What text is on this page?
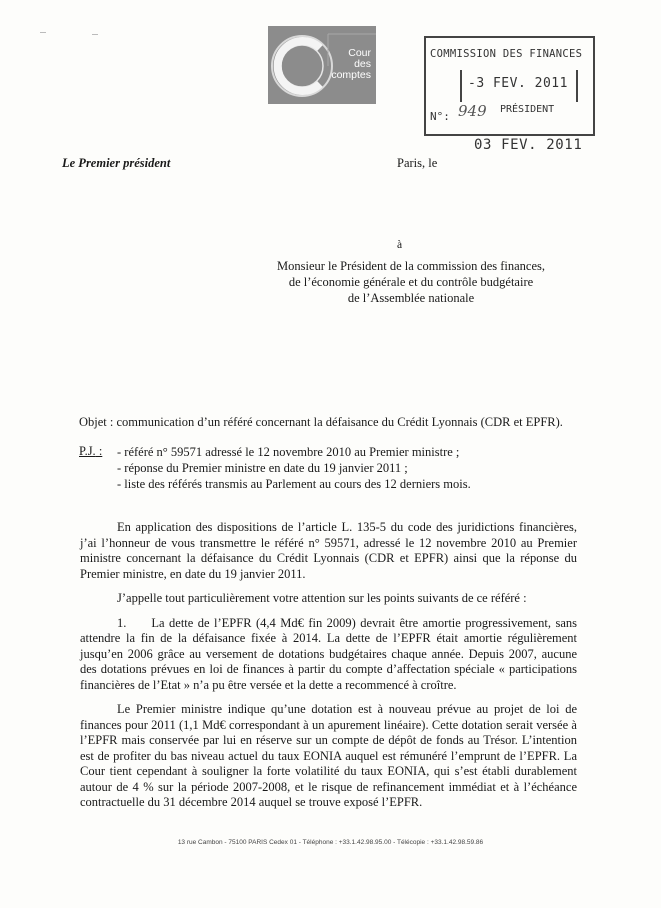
Cour
des
comptes
COMMISSION DES FINANCES
-3 FEV. 2011
N°: 949 PRÉSIDENT
03 FEV. 2011
Le Premier président	Paris, le
à
Monsieur le Président de la commission des finances,
de l’économie générale et du contrôle budgétaire
de l’Assemblée nationale
Objet : communication d’un référé concernant la défaisance du Crédit Lyonnais (CDR et EPFR).
P.J. : - référé n° 59571 adressé le 12 novembre 2010 au Premier ministre ;
- réponse du Premier ministre en date du 19 janvier 2011 ;
- liste des référés transmis au Parlement au cours des 12 derniers mois.

En application des dispositions de l’article L. 135-5 du code des juridictions financières, j’ai l’honneur de vous transmettre le référé n° 59571, adressé le 12 novembre 2010 au Premier ministre concernant la défaisance du Crédit Lyonnais (CDR et EPFR) ainsi que la réponse du Premier ministre, en date du 19 janvier 2011.

J’appelle tout particulièrement votre attention sur les points suivants de ce référé :

1.  La dette de l’EPFR (4,4 Md€ fin 2009) devrait être amortie progressivement, sans attendre la fin de la défaisance fixée à 2014. La dette de l’EPFR était amortie régulièrement jusqu’en 2006 grâce au versement de dotations budgétaires chaque année. Depuis 2007, aucune des dotations prévues en loi de finances à partir du compte d’affectation spéciale « participations financières de l’Etat » n’a pu être versée et la dette a recommencé à croître.

Le Premier ministre indique qu’une dotation est à nouveau prévue au projet de loi de finances pour 2011 (1,1 Md€ correspondant à un apurement linéaire). Cette dotation serait versée à l’EPFR mais conservée par lui en réserve sur un compte de dépôt de fonds au Trésor. L’intention est de profiter du bas niveau actuel du taux EONIA auquel est rémunéré l’emprunt de l’EPFR. La Cour tient cependant à souligner la forte volatilité du taux EONIA, qui s’est établi durablement autour de 4 % sur la période 2007-2008, et le risque de refinancement immédiat et à l’échéance contractuelle du 31 décembre 2014 auquel se trouve exposé l’EPFR.

13 rue Cambon - 75100 PARIS Cedex 01 - Téléphone : +33.1.42.98.95.00 - Télécopie : +33.1.42.98.59.86
